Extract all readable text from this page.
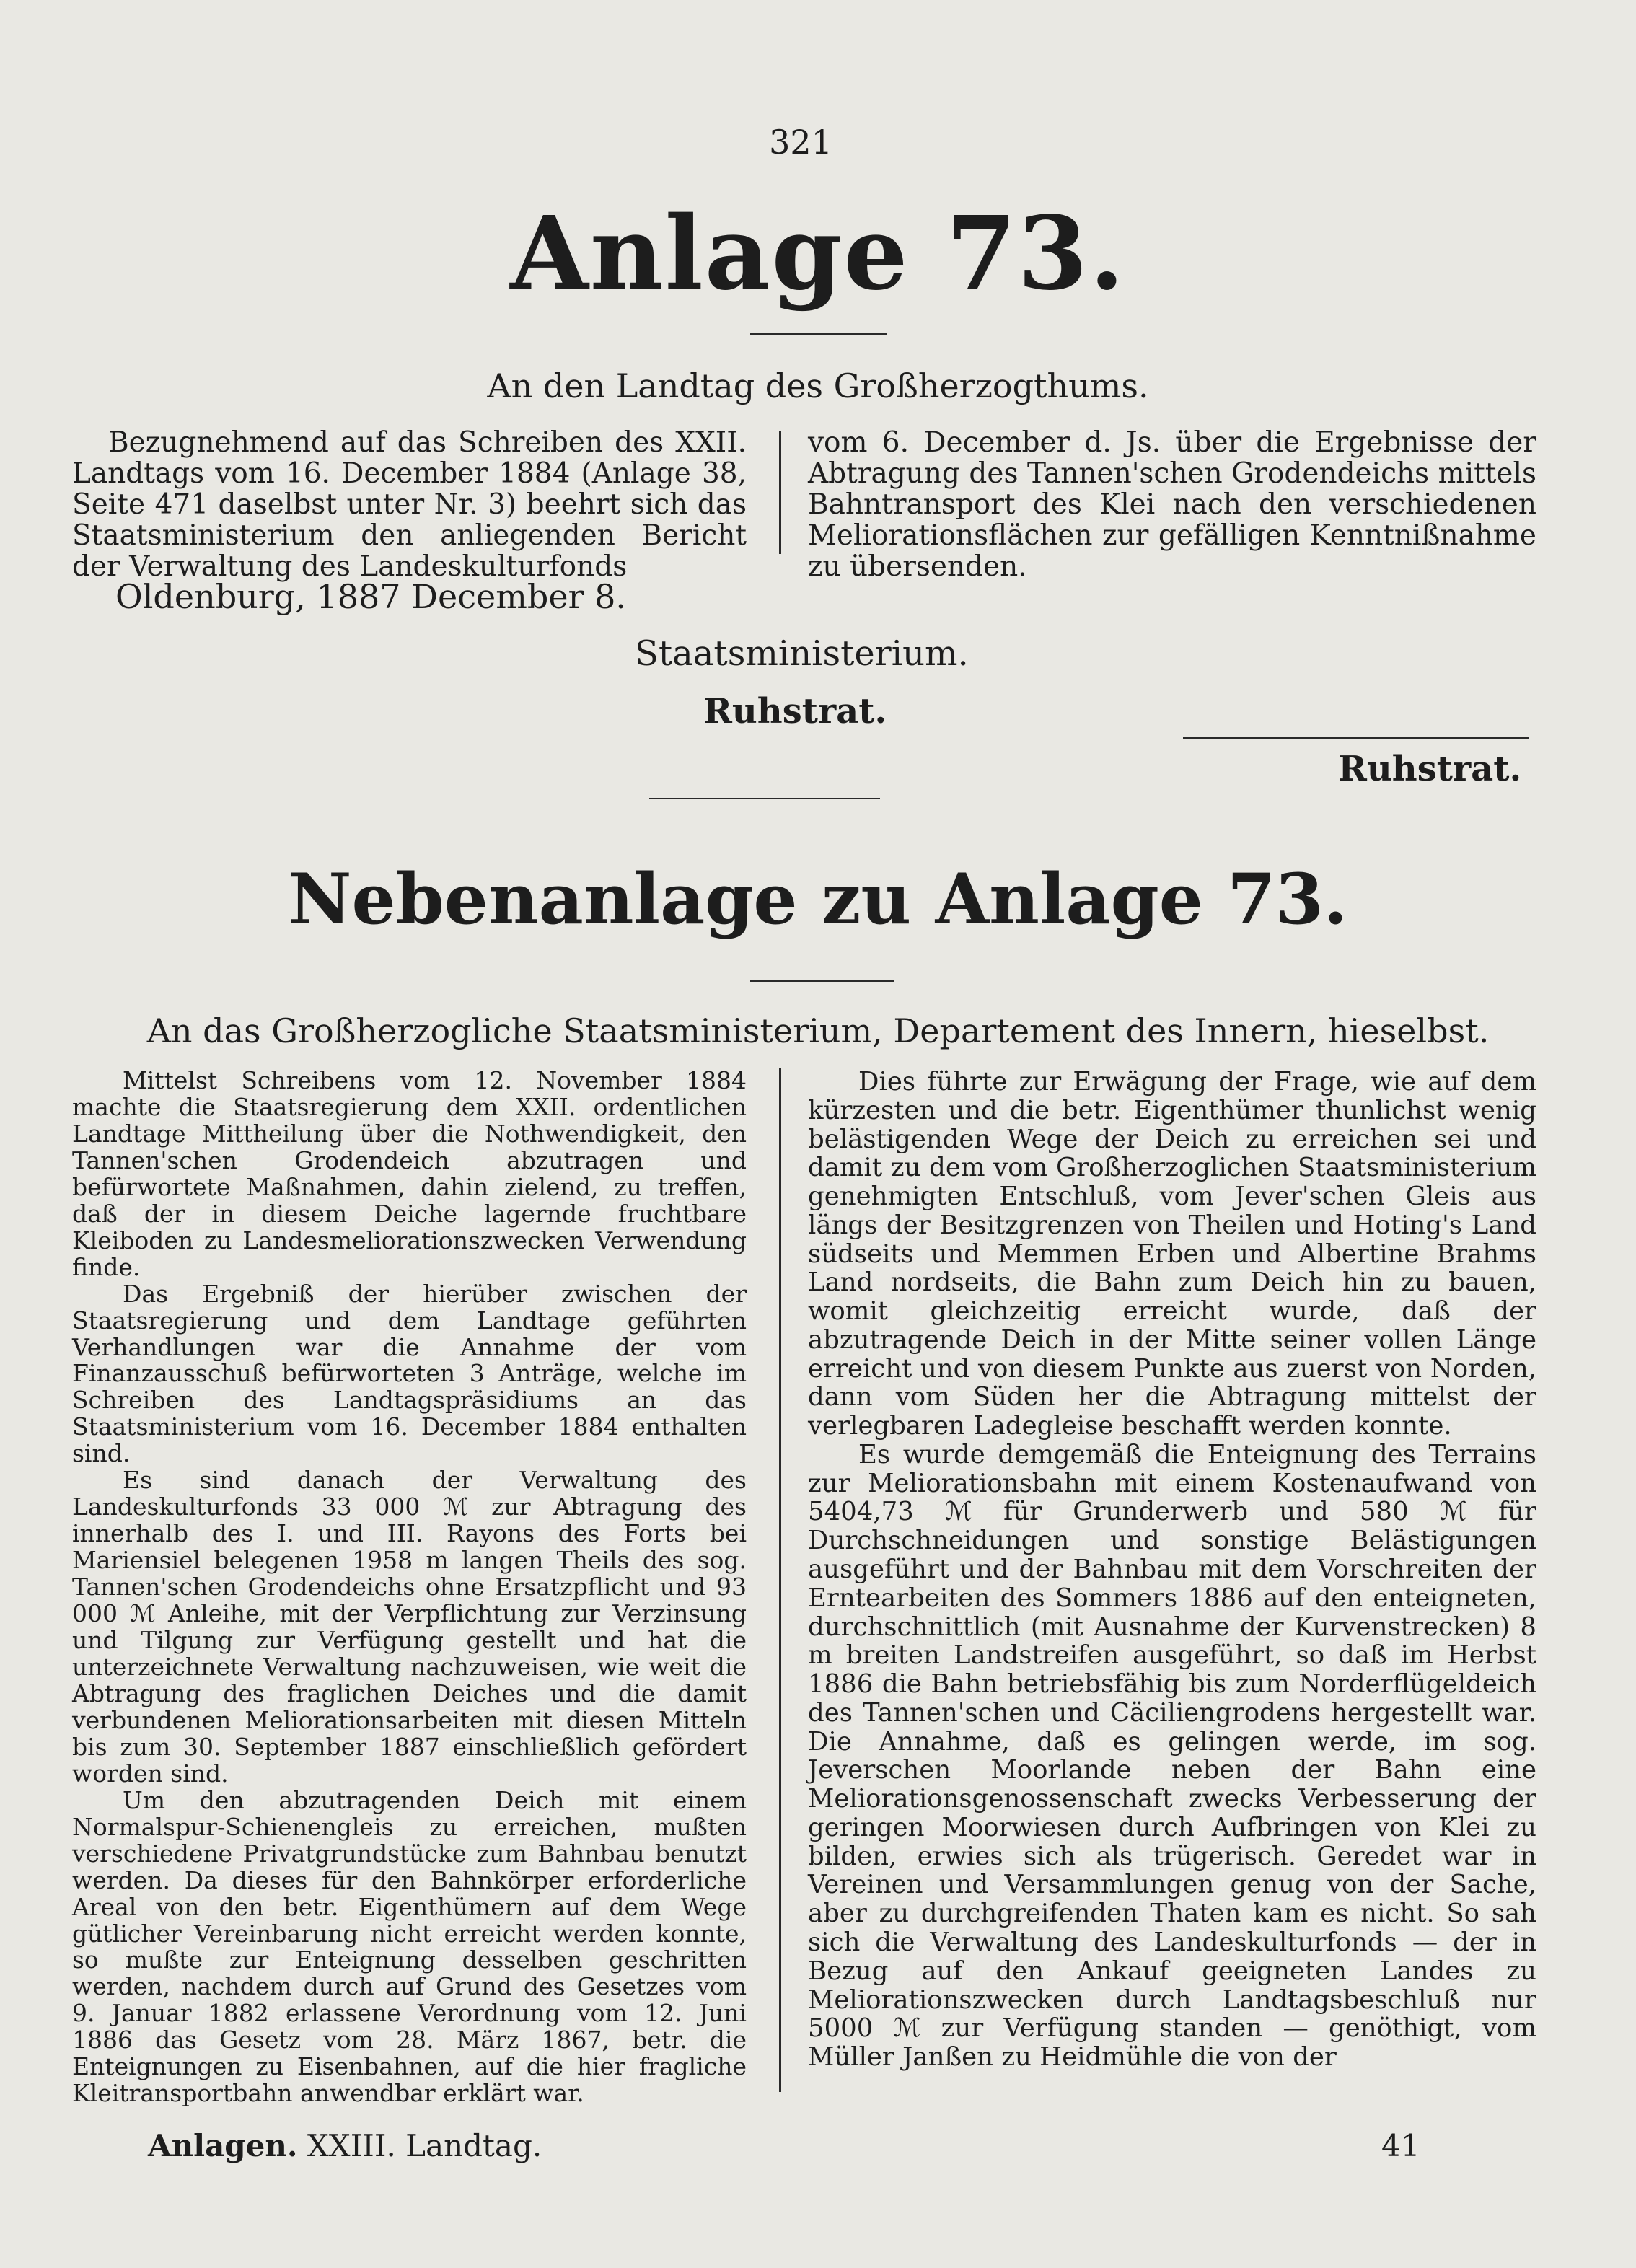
321
Anlage 73.
An den Landtag des Großherzogthums.

Bezugnehmend auf das Schreiben des XXII. Landtags vom 16. December 1884 (Anlage 38, Seite 471 daselbst unter Nr. 3) beehrt sich das Staatsministerium den anliegenden Bericht der Verwaltung des Landeskulturfonds

vom 6. December d. Js. über die Ergebnisse der Abtragung des Tannen'schen Grodendeichs mittels Bahntransport des Klei nach den verschiedenen Meliorationsflächen zur gefälligen Kenntnißnahme zu übersenden.

Oldenburg, 1887 December 8.
Staatsministerium.
Ruhstrat.
Ruhstrat.
Nebenanlage zu Anlage 73.
An das Großherzogliche Staatsministerium, Departement des Innern, hieselbst.

Mittelst Schreibens vom 12. November 1884 machte die Staatsregierung dem XXII. ordentlichen Landtage Mittheilung über die Nothwendigkeit, den Tannen'schen Grodendeich abzutragen und befürwortete Maßnahmen, dahin zielend, zu treffen, daß der in diesem Deiche lagernde fruchtbare Kleiboden zu Landesmeliorationszwecken Verwendung finde.

Das Ergebniß der hierüber zwischen der Staatsregierung und dem Landtage geführten Verhandlungen war die Annahme der vom Finanzausschuß befürworteten 3 Anträge, welche im Schreiben des Landtagspräsidiums an das Staatsministerium vom 16. December 1884 enthalten sind.

Es sind danach der Verwaltung des Landeskulturfonds 33 000 ℳ zur Abtragung des innerhalb des I. und III. Rayons des Forts bei Mariensiel belegenen 1958 m langen Theils des sog. Tannen'schen Grodendeichs ohne Ersatzpflicht und 93 000 ℳ Anleihe, mit der Verpflichtung zur Verzinsung und Tilgung zur Verfügung gestellt und hat die unterzeichnete Verwaltung nachzuweisen, wie weit die Abtragung des fraglichen Deiches und die damit verbundenen Meliorationsarbeiten mit diesen Mitteln bis zum 30. September 1887 einschließlich gefördert worden sind.

Um den abzutragenden Deich mit einem Normalspur-Schienengleis zu erreichen, mußten verschiedene Privatgrundstücke zum Bahnbau benutzt werden. Da dieses für den Bahnkörper erforderliche Areal von den betr. Eigenthümern auf dem Wege gütlicher Vereinbarung nicht erreicht werden konnte, so mußte zur Enteignung desselben geschritten werden, nachdem durch auf Grund des Gesetzes vom 9. Januar 1882 erlassene Verordnung vom 12. Juni 1886 das Gesetz vom 28. März 1867, betr. die Enteignungen zu Eisenbahnen, auf die hier fragliche Kleitransportbahn anwendbar erklärt war.

Dies führte zur Erwägung der Frage, wie auf dem kürzesten und die betr. Eigenthümer thunlichst wenig belästigenden Wege der Deich zu erreichen sei und damit zu dem vom Großherzoglichen Staatsministerium genehmigten Entschluß, vom Jever'schen Gleis aus längs der Besitzgrenzen von Theilen und Hoting's Land südseits und Memmen Erben und Albertine Brahms Land nordseits, die Bahn zum Deich hin zu bauen, womit gleichzeitig erreicht wurde, daß der abzutragende Deich in der Mitte seiner vollen Länge erreicht und von diesem Punkte aus zuerst von Norden, dann vom Süden her die Abtragung mittelst der verlegbaren Ladegleise beschafft werden konnte.

Es wurde demgemäß die Enteignung des Terrains zur Meliorationsbahn mit einem Kostenaufwand von 5404,73 ℳ für Grunderwerb und 580 ℳ für Durchschneidungen und sonstige Belästigungen ausgeführt und der Bahnbau mit dem Vorschreiten der Erntearbeiten des Sommers 1886 auf den enteigneten, durchschnittlich (mit Ausnahme der Kurvenstrecken) 8 m breiten Landstreifen ausgeführt, so daß im Herbst 1886 die Bahn betriebsfähig bis zum Norderflügeldeich des Tannen'schen und Cäciliengrodens hergestellt war. Die Annahme, daß es gelingen werde, im sog. Jeverschen Moorlande neben der Bahn eine Meliorationsgenossenschaft zwecks Verbesserung der geringen Moorwiesen durch Aufbringen von Klei zu bilden, erwies sich als trügerisch. Geredet war in Vereinen und Versammlungen genug von der Sache, aber zu durchgreifenden Thaten kam es nicht. So sah sich die Verwaltung des Landeskulturfonds — der in Bezug auf den Ankauf geeigneten Landes zu Meliorationszwecken durch Landtagsbeschluß nur 5000 ℳ zur Verfügung standen — genöthigt, vom Müller Janßen zu Heidmühle die von der

Anlagen. XXIII. Landtag.	41
